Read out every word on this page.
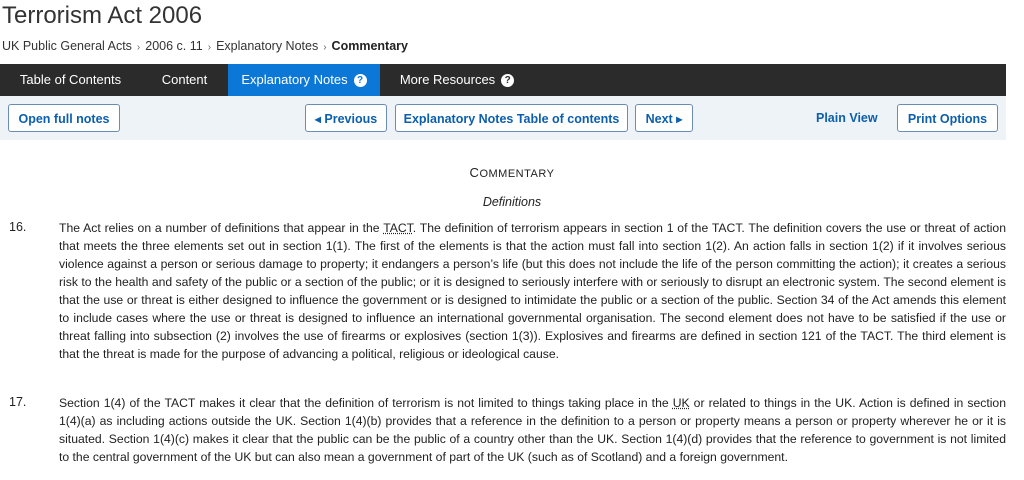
Terrorism Act 2006
UK Public General Acts › 2006 c. 11 › Explanatory Notes › Commentary
Table of Contents	Content	Explanatory Notes ?	More Resources ?
Open full notes	◀ Previous	Explanatory Notes Table of contents	Next ▶	Plain View	Print Options
COMMENTARY
Definitions
16.	The Act relies on a number of definitions that appear in the TACT. The definition of terrorism appears in section 1 of the TACT. The definition covers the use or threat of action that meets the three elements set out in section 1(1). The first of the elements is that the action must fall into section 1(2). An action falls in section 1(2) if it involves serious violence against a person or serious damage to property; it endangers a person’s life (but this does not include the life of the person committing the action); it creates a serious risk to the health and safety of the public or a section of the public; or it is designed to seriously interfere with or seriously to disrupt an electronic system. The second element is that the use or threat is either designed to influence the government or is designed to intimidate the public or a section of the public. Section 34 of the Act amends this element to include cases where the use or threat is designed to influence an international governmental organisation. The second element does not have to be satisfied if the use or threat falling into subsection (2) involves the use of firearms or explosives (section 1(3)). Explosives and firearms are defined in section 121 of the TACT. The third element is that the threat is made for the purpose of advancing a political, religious or ideological cause.
17.	Section 1(4) of the TACT makes it clear that the definition of terrorism is not limited to things taking place in the UK or related to things in the UK. Action is defined in section 1(4)(a) as including actions outside the UK. Section 1(4)(b) provides that a reference in the definition to a person or property means a person or property wherever he or it is situated. Section 1(4)(c) makes it clear that the public can be the public of a country other than the UK. Section 1(4)(d) provides that the reference to government is not limited to the central government of the UK but can also mean a government of part of the UK (such as of Scotland) and a foreign government.
